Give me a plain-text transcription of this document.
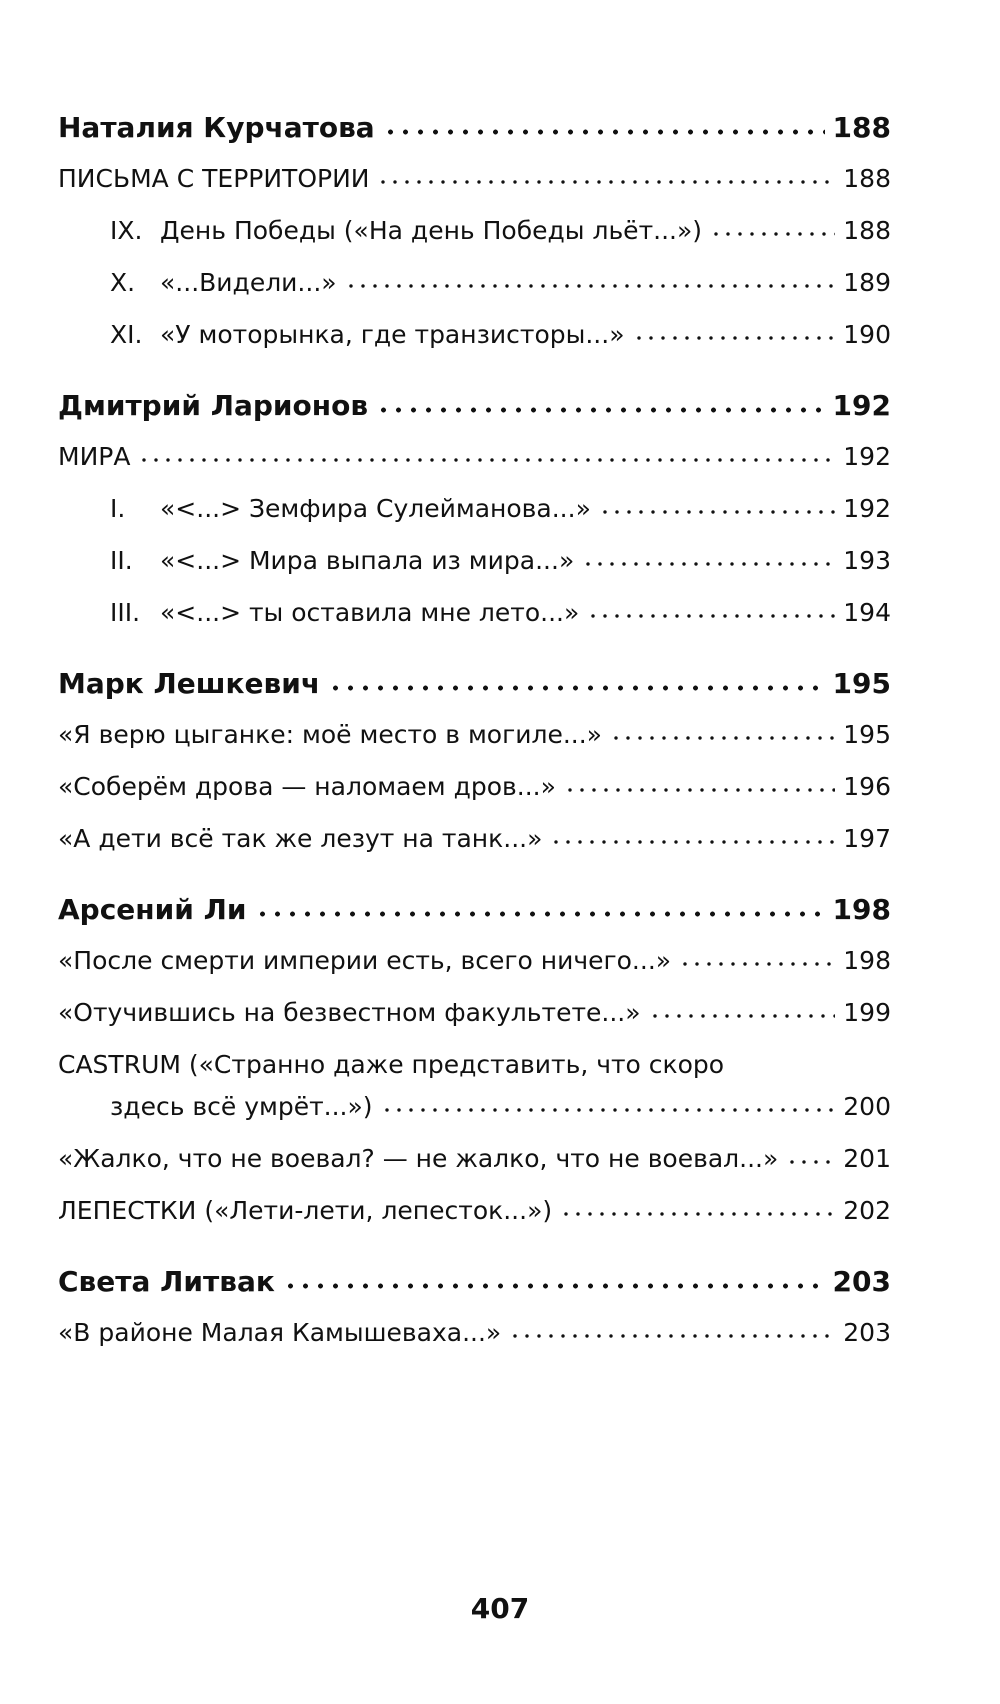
Наталия Курчатова	188
ПИСЬМА С ТЕРРИТОРИИ	188
IX. День Победы («На день Победы льёт...»)	188
X. «...Видели...»	189
XI. «У моторынка, где транзисторы...»	190
Дмитрий Ларионов	192
МИРА	192
I. «<...> Земфира Сулейманова...»	192
II. «<...> Мира выпала из мира...»	193
III. «<...> ты оставила мне лето...»	194
Марк Лешкевич	195
«Я верю цыганке: моё место в могиле...»	195
«Соберём дрова — наломаем дров...»	196
«А дети всё так же лезут на танк...»	197
Арсений Ли	198
«После смерти империи есть, всего ничего...»	198
«Отучившись на безвестном факультете...»	199
CASTRUM («Странно даже представить, что скоро
здесь всё умрёт...»)	200
«Жалко, что не воевал? — не жалко, что не воевал...»	201
ЛЕПЕСТКИ («Лети-лети, лепесток...»)	202
Света Литвак	203
«В районе Малая Камышеваха...»	203
407
